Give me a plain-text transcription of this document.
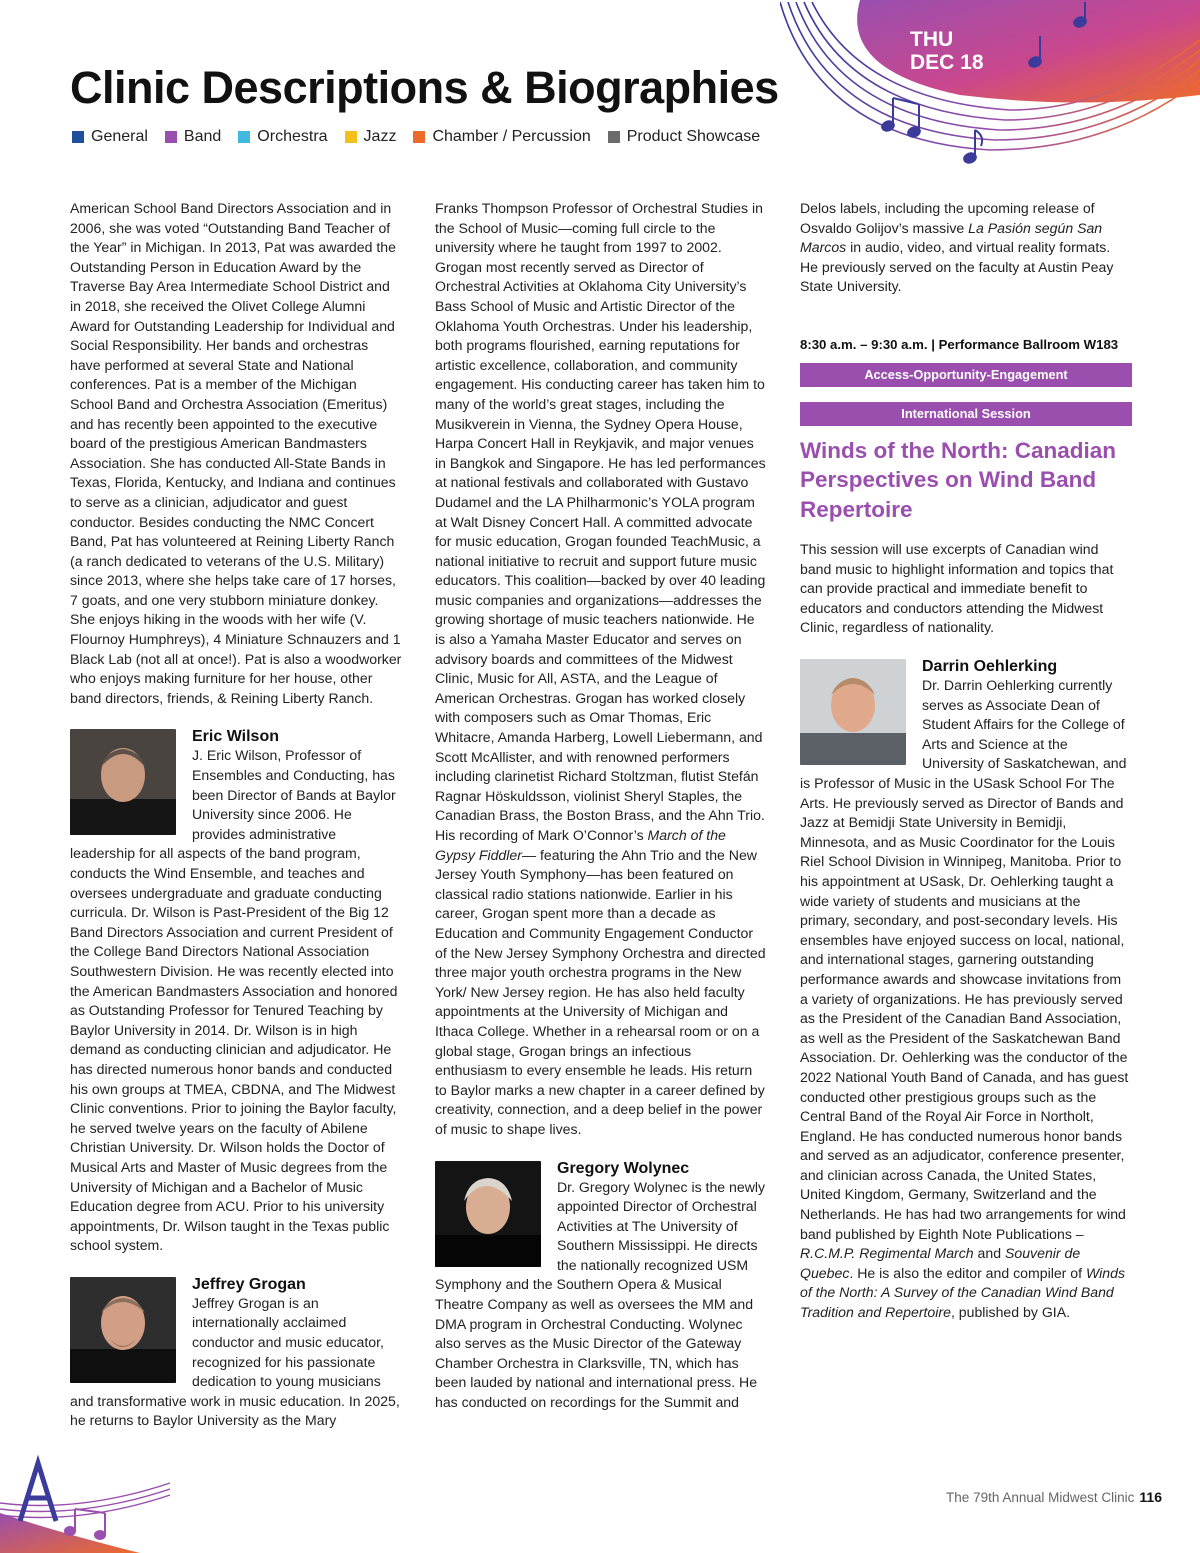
THU
DEC 18
Clinic Descriptions & Biographies
General Band Orchestra Jazz Chamber / Percussion Product Showcase

American School Band Directors Association and in 2006, she was voted “Outstanding Band Teacher of the Year” in Michigan. In 2013, Pat was awarded the Outstanding Person in Education Award by the Traverse Bay Area Intermediate School District and in 2018, she received the Olivet College Alumni Award for Outstanding Leadership for Individual and Social Responsibility. Her bands and orchestras have performed at several State and National conferences. Pat is a member of the Michigan School Band and Orchestra Association (Emeritus) and has recently been appointed to the executive board of the prestigious American Bandmasters Association. She has conducted All-State Bands in Texas, Florida, Kentucky, and Indiana and continues to serve as a clinician, adjudicator and guest conductor. Besides conducting the NMC Concert Band, Pat has volunteered at Reining Liberty Ranch (a ranch dedicated to veterans of the U.S. Military) since 2013, where she helps take care of 17 horses, 7 goats, and one very stubborn miniature donkey. She enjoys hiking in the woods with her wife (V. Flournoy Humphreys), 4 Miniature Schnauzers and 1 Black Lab (not all at once!). Pat is also a woodworker who enjoys making furniture for her house, other band directors, friends, & Reining Liberty Ranch.

Eric Wilson

J. Eric Wilson, Professor of Ensembles and Conducting, has been Director of Bands at Baylor University since 2006. He provides administrative leadership for all aspects of the band program, conducts the Wind Ensemble, and teaches and oversees undergraduate and graduate conducting curricula. Dr. Wilson is Past-President of the Big 12 Band Directors Association and current President of the College Band Directors National Association Southwestern Division. He was recently elected into the American Bandmasters Association and honored as Outstanding Professor for Tenured Teaching by Baylor University in 2014. Dr. Wilson is in high demand as conducting clinician and adjudicator. He has directed numerous honor bands and conducted his own groups at TMEA, CBDNA, and The Midwest Clinic conventions. Prior to joining the Baylor faculty, he served twelve years on the faculty of Abilene Christian University. Dr. Wilson holds the Doctor of Musical Arts and Master of Music degrees from the University of Michigan and a Bachelor of Music Education degree from ACU. Prior to his university appointments, Dr. Wilson taught in the Texas public school system.

Jeffrey Grogan

Jeffrey Grogan is an internationally acclaimed conductor and music educator, recognized for his passionate dedication to young musicians and transformative work in music education. In 2025, he returns to Baylor University as the Mary

Franks Thompson Professor of Orchestral Studies in the School of Music—coming full circle to the university where he taught from 1997 to 2002. Grogan most recently served as Director of Orchestral Activities at Oklahoma City University’s Bass School of Music and Artistic Director of the Oklahoma Youth Orchestras. Under his leadership, both programs flourished, earning reputations for artistic excellence, collaboration, and community engagement. His conducting career has taken him to many of the world’s great stages, including the Musikverein in Vienna, the Sydney Opera House, Harpa Concert Hall in Reykjavik, and major venues in Bangkok and Singapore. He has led performances at national festivals and collaborated with Gustavo Dudamel and the LA Philharmonic’s YOLA program at Walt Disney Concert Hall. A committed advocate for music education, Grogan founded TeachMusic, a national initiative to recruit and support future music educators. This coalition—backed by over 40 leading music companies and organizations—addresses the growing shortage of music teachers nationwide. He is also a Yamaha Master Educator and serves on advisory boards and committees of the Midwest Clinic, Music for All, ASTA, and the League of American Orchestras. Grogan has worked closely with composers such as Omar Thomas, Eric Whitacre, Amanda Harberg, Lowell Liebermann, and Scott McAllister, and with renowned performers including clarinetist Richard Stoltzman, flutist Stefán Ragnar Höskuldsson, violinist Sheryl Staples, the Canadian Brass, the Boston Brass, and the Ahn Trio. His recording of Mark O’Connor’s March of the Gypsy Fiddler— featuring the Ahn Trio and the New Jersey Youth Symphony—has been featured on classical radio stations nationwide. Earlier in his career, Grogan spent more than a decade as Education and Community Engagement Conductor of the New Jersey Symphony Orchestra and directed three major youth orchestra programs in the New York/ New Jersey region. He has also held faculty appointments at the University of Michigan and Ithaca College. Whether in a rehearsal room or on a global stage, Grogan brings an infectious enthusiasm to every ensemble he leads. His return to Baylor marks a new chapter in a career defined by creativity, connection, and a deep belief in the power of music to shape lives.

Gregory Wolynec

Dr. Gregory Wolynec is the newly appointed Director of Orchestral Activities at The University of Southern Mississippi. He directs the nationally recognized USM Symphony and the Southern Opera & Musical Theatre Company as well as oversees the MM and DMA program in Orchestral Conducting. Wolynec also serves as the Music Director of the Gateway Chamber Orchestra in Clarksville, TN, which has been lauded by national and international press. He has conducted on recordings for the Summit and

Delos labels, including the upcoming release of Osvaldo Golijov’s massive La Pasión según San Marcos in audio, video, and virtual reality formats. He previously served on the faculty at Austin Peay State University.

8:30 a.m. – 9:30 a.m. | Performance Ballroom W183
Access-Opportunity-Engagement
International Session
Winds of the North: Canadian Perspectives on Wind Band Repertoire

This session will use excerpts of Canadian wind band music to highlight information and topics that can provide practical and immediate benefit to educators and conductors attending the Midwest Clinic, regardless of nationality.

Darrin Oehlerking

Dr. Darrin Oehlerking currently serves as Associate Dean of Student Affairs for the College of Arts and Science at the University of Saskatchewan, and is Professor of Music in the USask School For The Arts. He previously served as Director of Bands and Jazz at Bemidji State University in Bemidji, Minnesota, and as Music Coordinator for the Louis Riel School Division in Winnipeg, Manitoba. Prior to his appointment at USask, Dr. Oehlerking taught a wide variety of students and musicians at the primary, secondary, and post-secondary levels. His ensembles have enjoyed success on local, national, and international stages, garnering outstanding performance awards and showcase invitations from a variety of organizations. He has previously served as the President of the Canadian Band Association, as well as the President of the Saskatchewan Band Association. Dr. Oehlerking was the conductor of the 2022 National Youth Band of Canada, and has guest conducted other prestigious groups such as the Central Band of the Royal Air Force in Northolt, England. He has conducted numerous honor bands and served as an adjudicator, conference presenter, and clinician across Canada, the United States, United Kingdom, Germany, Switzerland and the Netherlands. He has had two arrangements for wind band published by Eighth Note Publications – R.C.M.P. Regimental March and Souvenir de Quebec. He is also the editor and compiler of Winds of the North: A Survey of the Canadian Wind Band Tradition and Repertoire, published by GIA.

The 79th Annual Midwest Clinic 116
